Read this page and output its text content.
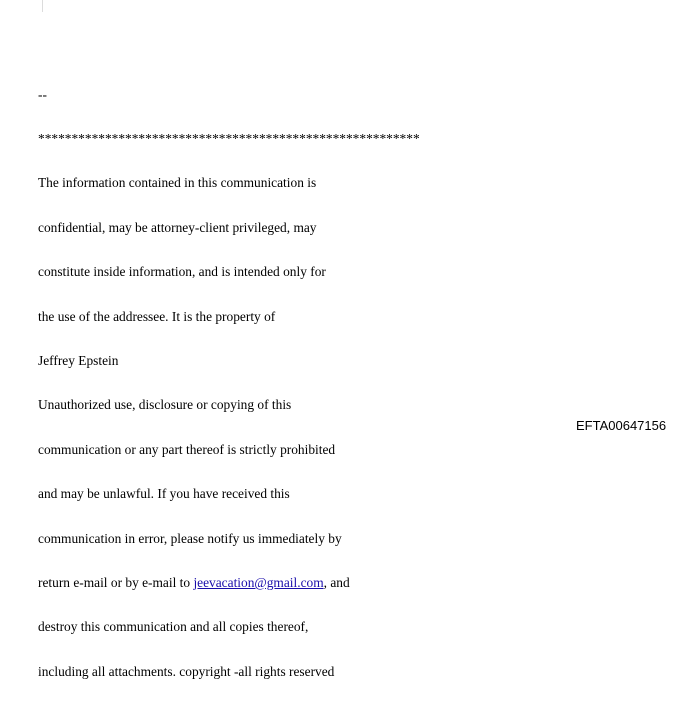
--

*********************************************************

The information contained in this communication is

confidential, may be attorney-client privileged, may

constitute inside information, and is intended only for

the use of the addressee. It is the property of

Jeffrey Epstein

Unauthorized use, disclosure or copying of this

communication or any part thereof is strictly prohibited

and may be unlawful. If you have received this

communication in error, please notify us immediately by

return e-mail or by e-mail to jeevacation@gmail.com, and

destroy this communication and all copies thereof,

including all attachments. copyright -all rights reserved

EFTA00647156
